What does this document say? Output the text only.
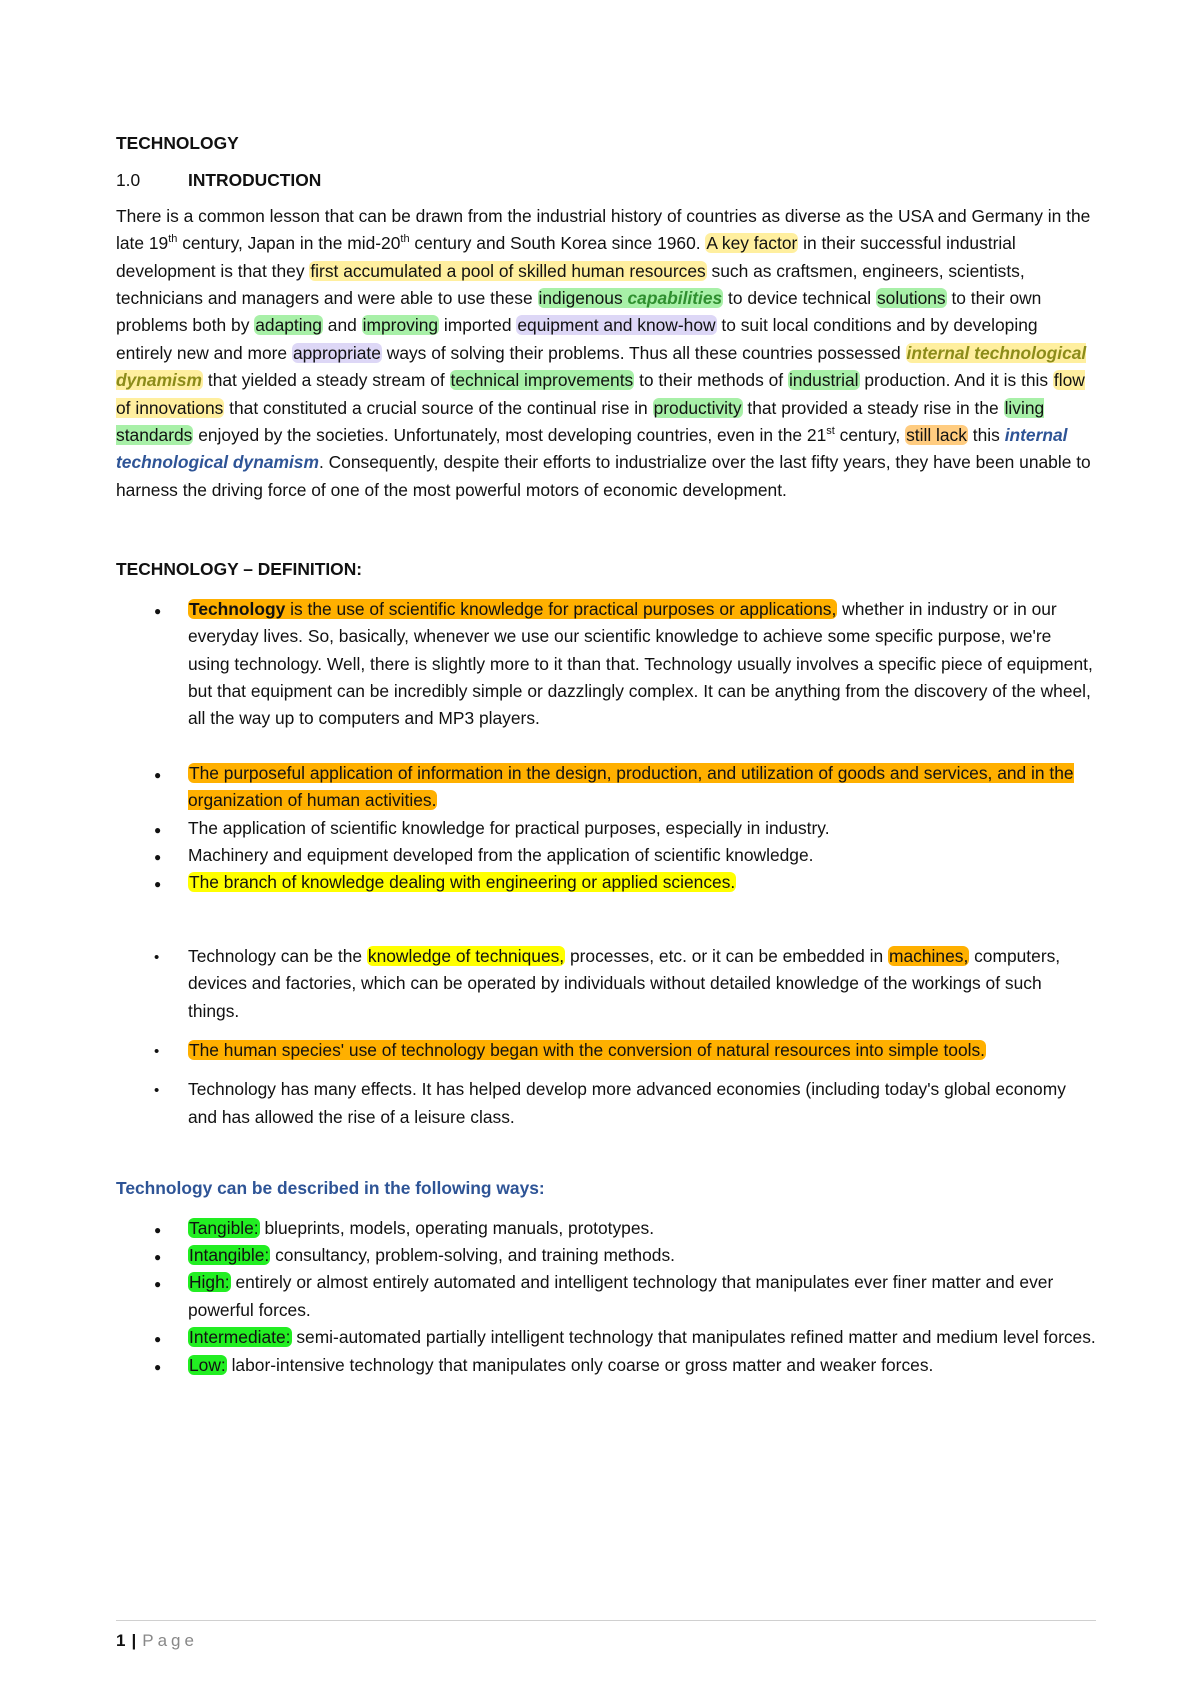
TECHNOLOGY
1.0	INTRODUCTION

There is a common lesson that can be drawn from the industrial history of countries as diverse as the USA and Germany in the late 19th century, Japan in the mid-20th century and South Korea since 1960. A key factor in their successful industrial development is that they first accumulated a pool of skilled human resources such as craftsmen, engineers, scientists, technicians and managers and were able to use these indigenous capabilities to device technical solutions to their own problems both by adapting and improving imported equipment and know-how to suit local conditions and by developing entirely new and more appropriate ways of solving their problems. Thus all these countries possessed internal technological dynamism that yielded a steady stream of technical improvements to their methods of industrial production. And it is this flow of innovations that constituted a crucial source of the continual rise in productivity that provided a steady rise in the living standards enjoyed by the societies. Unfortunately, most developing countries, even in the 21st century, still lack this internal technological dynamism. Consequently, despite their efforts to industrialize over the last fifty years, they have been unable to harness the driving force of one of the most powerful motors of economic development.

TECHNOLOGY – DEFINITION:
●
Technology is the use of scientific knowledge for practical purposes or applications, whether in industry or in our everyday lives. So, basically, whenever we use our scientific knowledge to achieve some specific purpose, we're using technology. Well, there is slightly more to it than that. Technology usually involves a specific piece of equipment, but that equipment can be incredibly simple or dazzlingly complex. It can be anything from the discovery of the wheel, all the way up to computers and MP3 players.
●
The purposeful application of information in the design, production, and utilization of goods and services, and in the organization of human activities.
●
The application of scientific knowledge for practical purposes, especially in industry.
●
Machinery and equipment developed from the application of scientific knowledge.
●
The branch of knowledge dealing with engineering or applied sciences.
•
Technology can be the knowledge of techniques, processes, etc. or it can be embedded in machines, computers, devices and factories, which can be operated by individuals without detailed knowledge of the workings of such things.
•
The human species' use of technology began with the conversion of natural resources into simple tools.
•
Technology has many effects. It has helped develop more advanced economies (including today's global economy and has allowed the rise of a leisure class.
Technology can be described in the following ways:
●
Tangible: blueprints, models, operating manuals, prototypes.
●
Intangible: consultancy, problem-solving, and training methods.
●
High: entirely or almost entirely automated and intelligent technology that manipulates ever finer matter and ever powerful forces.
●
Intermediate: semi-automated partially intelligent technology that manipulates refined matter and medium level forces.
●
Low: labor-intensive technology that manipulates only coarse or gross matter and weaker forces.
1 | Page
